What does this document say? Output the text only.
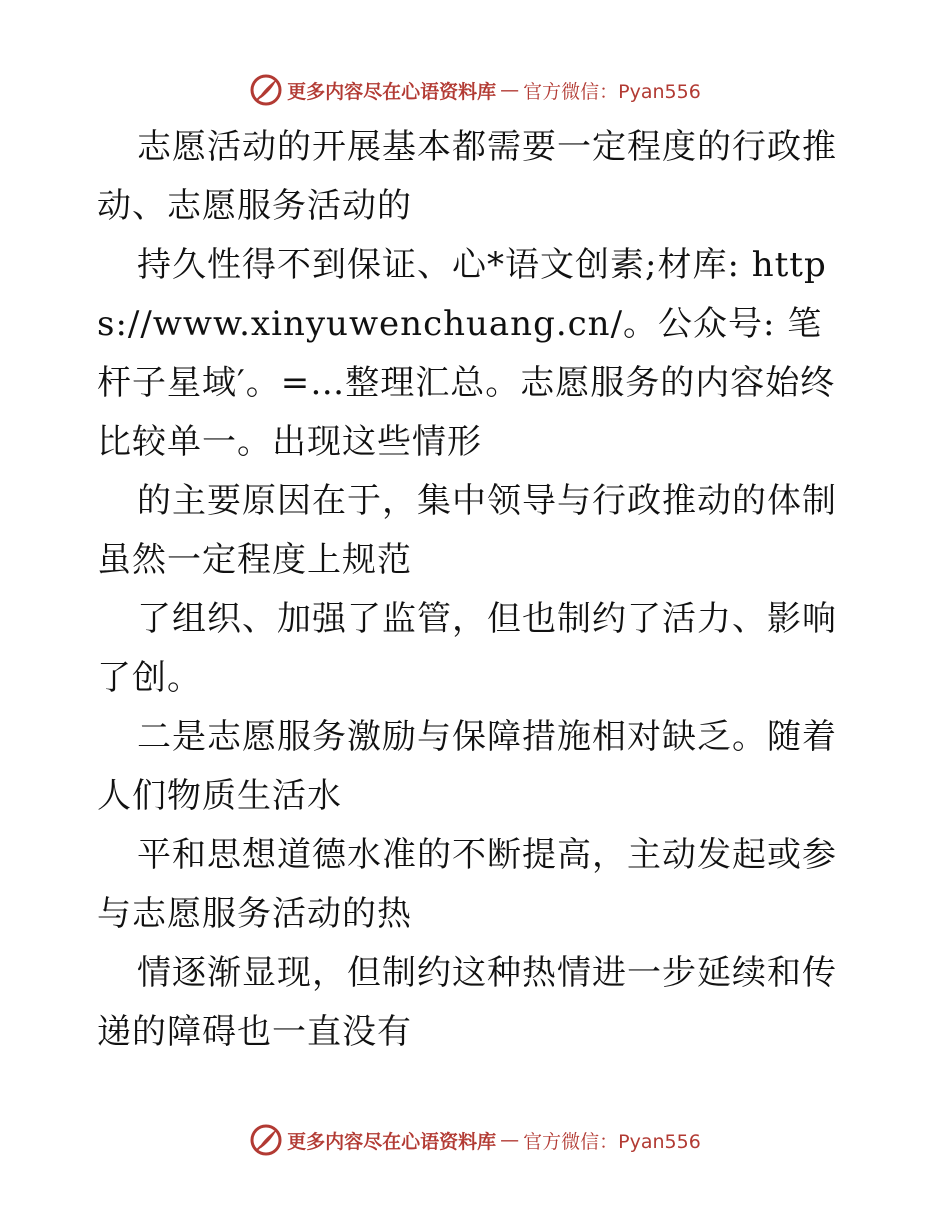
更多内容尽在心语资料库 — 官方微信：Pyan556

志愿活动的开展基本都需要一定程度的行政推动、志愿服务活动的

持久性得不到保证、心*语文创素;材库: https://www.xinyuwenchuang.cn/。公众号: 笔杆子星域′。=…整理汇总。志愿服务的内容始终比较单一。出现这些情形

的主要原因在于，集中领导与行政推动的体制虽然一定程度上规范

了组织、加强了监管，但也制约了活力、影响了创。

二是志愿服务激励与保障措施相对缺乏。随着人们物质生活水

平和思想道德水准的不断提高，主动发起或参与志愿服务活动的热

情逐渐显现，但制约这种热情进一步延续和传递的障碍也一直没有

更多内容尽在心语资料库 — 官方微信：Pyan556
